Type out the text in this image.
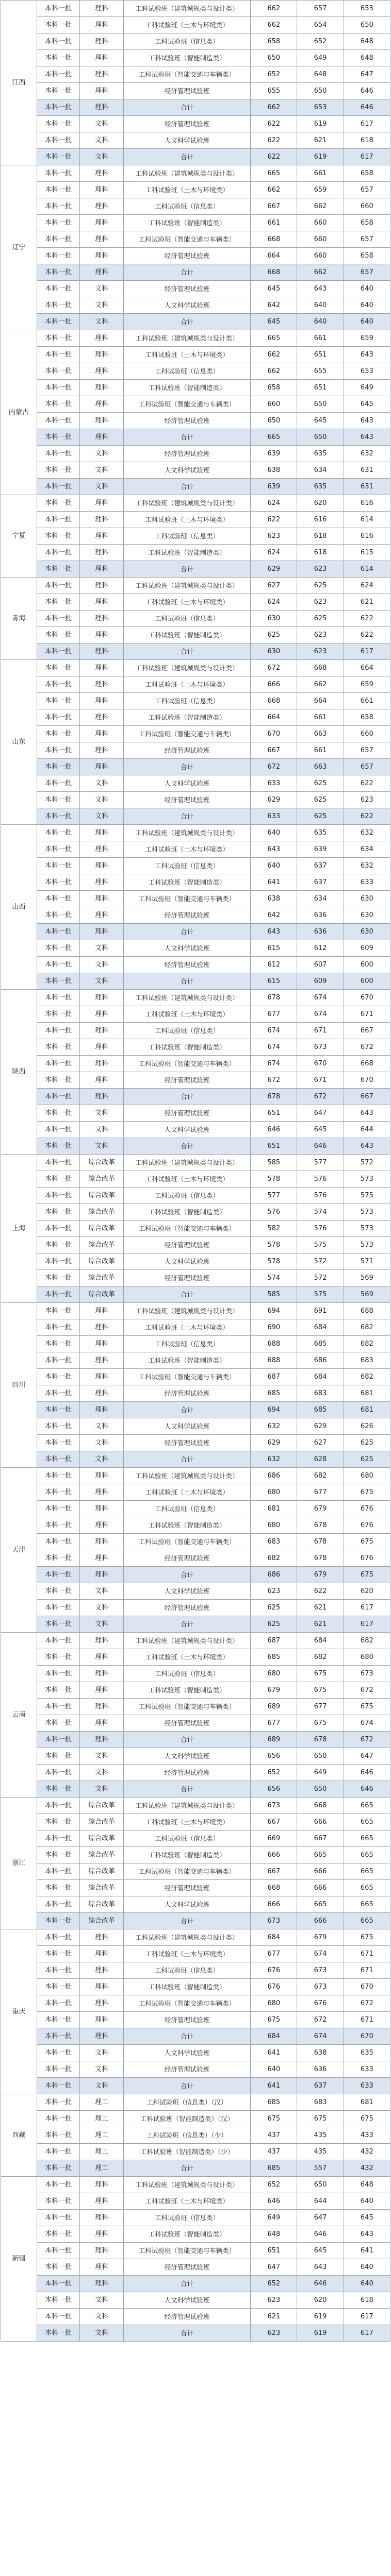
江西	本科一批	理科	工科试验班（建筑城规类与设计类）	662	657	653
	本科一批	理科	工科试验班（土木与环境类）	662	654	650
	本科一批	理科	工科试验班（信息类）	658	652	648
	本科一批	理科	工科试验班（智能制造类）	650	649	648
	本科一批	理科	工科试验班（智能交通与车辆类）	652	648	647
	本科一批	理科	经济管理试验班	655	650	646
	本科一批	理科	合计	662	653	646
	本科一批	文科	经济管理试验班	622	619	617
	本科一批	文科	人文科学试验班	622	621	618
	本科一批	文科	合计	622	619	617
辽宁	本科一批	理科	工科试验班（建筑城规类与设计类）	665	661	658
	本科一批	理科	工科试验班（土木与环境类）	662	659	657
	本科一批	理科	工科试验班（信息类）	667	662	660
	本科一批	理科	工科试验班（智能制造类）	661	660	658
	本科一批	理科	工科试验班（智能交通与车辆类）	668	660	657
	本科一批	理科	经济管理试验班	664	660	658
	本科一批	理科	合计	668	662	657
	本科一批	文科	经济管理试验班	645	643	640
	本科一批	文科	人文科学试验班	642	640	640
	本科一批	文科	合计	645	640	640
内蒙古	本科一批	理科	工科试验班（建筑城规类与设计类）	665	661	659
	本科一批	理科	工科试验班（土木与环境类）	662	651	643
	本科一批	理科	工科试验班（信息类）	662	655	653
	本科一批	理科	工科试验班（智能制造类）	658	651	649
	本科一批	理科	工科试验班（智能交通与车辆类）	660	650	645
	本科一批	理科	经济管理试验班	650	645	643
	本科一批	理科	合计	665	650	643
	本科一批	文科	经济管理试验班	639	635	632
	本科一批	文科	人文科学试验班	638	634	631
	本科一批	文科	合计	639	635	631
宁夏	本科一批	理科	工科试验班（建筑城规类与设计类）	624	620	616
	本科一批	理科	工科试验班（土木与环境类）	622	616	614
	本科一批	理科	工科试验班（信息类）	623	618	616
	本科一批	理科	工科试验班（智能制造类）	624	618	615
	本科一批	理科	合计	629	623	614
青海	本科一批	理科	工科试验班（建筑城规类与设计类）	627	625	624
	本科一批	理科	工科试验班（土木与环境类）	624	623	621
	本科一批	理科	工科试验班（信息类）	630	625	622
	本科一批	理科	工科试验班（智能制造类）	625	623	622
	本科一批	理科	合计	630	623	617
山东	本科一批	理科	工科试验班（建筑城规类与设计类）	672	668	664
	本科一批	理科	工科试验班（土木与环境类）	666	662	659
	本科一批	理科	工科试验班（信息类）	668	664	661
	本科一批	理科	工科试验班（智能制造类）	664	661	658
	本科一批	理科	工科试验班（智能交通与车辆类）	670	663	660
	本科一批	理科	经济管理试验班	667	661	657
	本科一批	理科	合计	672	663	657
	本科一批	文科	人文科学试验班	633	625	622
	本科一批	文科	经济管理试验班	629	625	623
	本科一批	文科	合计	633	625	622
山西	本科一批	理科	工科试验班（建筑城规类与设计类）	640	635	632
	本科一批	理科	工科试验班（土木与环境类）	643	639	634
	本科一批	理科	工科试验班（信息类）	640	637	632
	本科一批	理科	工科试验班（智能制造类）	641	637	633
	本科一批	理科	工科试验班（智能交通与车辆类）	638	634	630
	本科一批	理科	经济管理试验班	642	636	630
	本科一批	理科	合计	643	636	630
	本科一批	文科	人文科学试验班	615	612	609
	本科一批	文科	经济管理试验班	612	607	600
	本科一批	文科	合计	615	609	600
陕西	本科一批	理科	工科试验班（建筑城规类与设计类）	678	674	670
	本科一批	理科	工科试验班（土木与环境类）	677	674	671
	本科一批	理科	工科试验班（信息类）	674	671	667
	本科一批	理科	工科试验班（智能制造类）	674	673	672
	本科一批	理科	工科试验班（智能交通与车辆类）	674	670	668
	本科一批	理科	经济管理试验班	672	671	670
	本科一批	理科	合计	678	672	667
	本科一批	文科	经济管理试验班	651	647	643
	本科一批	文科	人文科学试验班	646	645	644
	本科一批	文科	合计	651	646	643
上海	本科一批	综合改革	工科试验班（建筑城规类与设计类）	585	577	572
	本科一批	综合改革	工科试验班（土木与环境类）	578	576	573
	本科一批	综合改革	工科试验班（信息类）	577	576	575
	本科一批	综合改革	工科试验班（智能制造类）	576	574	573
	本科一批	综合改革	工科试验班（智能交通与车辆类）	582	576	573
	本科一批	综合改革	经济管理试验班	578	575	573
	本科一批	综合改革	人文科学试验班	578	572	571
	本科一批	综合改革	经济管理试验班	574	572	569
	本科一批	综合改革	合计	585	575	569
四川	本科一批	理科	工科试验班（建筑城规类与设计类）	694	691	688
	本科一批	理科	工科试验班（土木与环境类）	690	684	682
	本科一批	理科	工科试验班（信息类）	688	685	682
	本科一批	理科	工科试验班（智能制造类）	688	686	683
	本科一批	理科	工科试验班（智能交通与车辆类）	687	684	682
	本科一批	理科	经济管理试验班	685	683	681
	本科一批	理科	合计	694	685	681
	本科一批	文科	人文科学试验班	632	629	626
	本科一批	文科	经济管理试验班	629	627	625
	本科一批	文科	合计	632	628	625
天津	本科一批	理科	工科试验班（建筑城规类与设计类）	686	682	680
	本科一批	理科	工科试验班（土木与环境类）	680	677	675
	本科一批	理科	工科试验班（信息类）	681	679	676
	本科一批	理科	工科试验班（智能制造类）	680	678	676
	本科一批	理科	工科试验班（智能交通与车辆类）	683	678	675
	本科一批	理科	经济管理试验班	682	678	676
	本科一批	理科	合计	686	679	675
	本科一批	文科	人文科学试验班	623	622	620
	本科一批	文科	经济管理试验班	625	621	617
	本科一批	文科	合计	625	621	617
云南	本科一批	理科	工科试验班（建筑城规类与设计类）	687	684	682
	本科一批	理科	工科试验班（土木与环境类）	685	682	680
	本科一批	理科	工科试验班（信息类）	680	675	673
	本科一批	理科	工科试验班（智能制造类）	679	675	672
	本科一批	理科	工科试验班（智能交通与车辆类）	689	677	675
	本科一批	理科	经济管理试验班	677	675	674
	本科一批	理科	合计	689	678	672
	本科一批	文科	人文科学试验班	656	650	647
	本科一批	文科	经济管理试验班	652	649	646
	本科一批	文科	合计	656	650	646
浙江	本科一批	综合改革	工科试验班（建筑城规类与设计类）	673	668	665
	本科一批	综合改革	工科试验班（土木与环境类）	667	666	665
	本科一批	综合改革	工科试验班（信息类）	669	667	665
	本科一批	综合改革	工科试验班（智能制造类）	666	665	665
	本科一批	综合改革	工科试验班（智能交通与车辆类）	667	666	665
	本科一批	综合改革	经济管理试验班	668	666	665
	本科一批	综合改革	人文科学试验班	666	665	665
	本科一批	综合改革	合计	673	666	665
重庆	本科一批	理科	工科试验班（建筑城规类与设计类）	684	679	675
	本科一批	理科	工科试验班（土木与环境类）	677	674	671
	本科一批	理科	工科试验班（信息类）	676	673	671
	本科一批	理科	工科试验班（智能制造类）	676	673	670
	本科一批	理科	工科试验班（智能交通与车辆类）	680	676	672
	本科一批	理科	经济管理试验班	675	672	671
	本科一批	理科	合计	684	674	670
	本科一批	文科	人文科学试验班	641	638	635
	本科一批	文科	经济管理试验班	640	636	633
	本科一批	文科	合计	641	637	633
西藏	本科一批	理工	工科试验班（信息类）（汉）	685	683	681
	本科一批	理工	工科试验班（智能制造类）（汉）	675	675	675
	本科一批	理工	工科试验班（信息类）（少）	437	435	433
	本科一批	理工	工科试验班（智能制造类）（少）	437	435	432
	本科一批	理工	合计	685	557	432
新疆	本科一批	理科	工科试验班（建筑城规类与设计类）	652	650	648
	本科一批	理科	工科试验班（土木与环境类）	646	644	640
	本科一批	理科	工科试验班（信息类）	649	647	645
	本科一批	理科	工科试验班（智能制造类）	648	646	643
	本科一批	理科	工科试验班（智能交通与车辆类）	651	645	641
	本科一批	理科	经济管理试验班	647	643	640
	本科一批	理科	合计	652	646	640
	本科一批	文科	人文科学试验班	623	620	618
	本科一批	文科	经济管理试验班	621	619	617
	本科一批	文科	合计	623	619	617
